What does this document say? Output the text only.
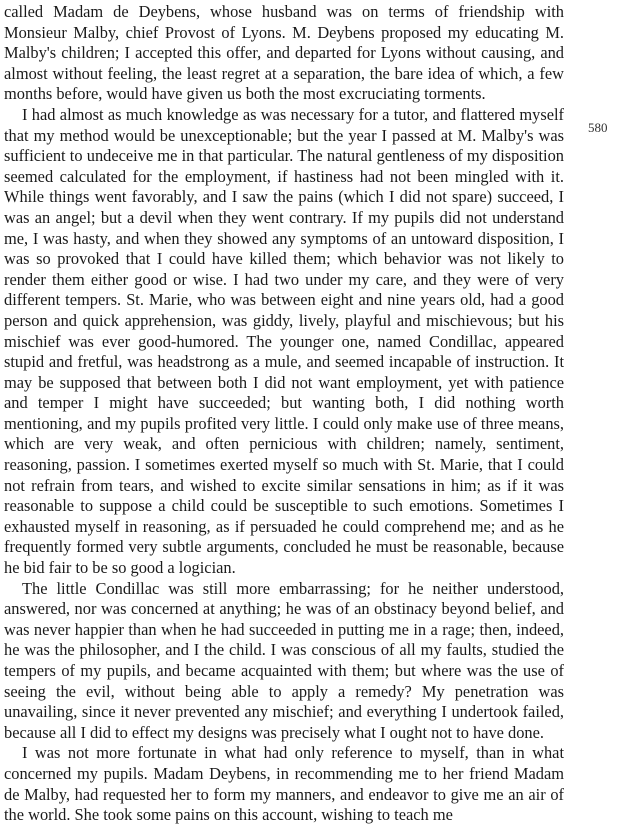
called Madam de Deybens, whose husband was on terms of friendship with Monsieur Malby, chief Provost of Lyons. M. Deybens proposed my educating M. Malby's children; I accepted this offer, and departed for Lyons without causing, and almost without feeling, the least regret at a separation, the bare idea of which, a few months before, would have given us both the most excruciating torments.

I had almost as much knowledge as was necessary for a tutor, and flattered myself that my method would be unexceptionable; but the year I passed at M. Malby's was sufficient to undeceive me in that particular. The natural gentleness of my disposition seemed calculated for the employment, if hastiness had not been mingled with it. While things went favorably, and I saw the pains (which I did not spare) succeed, I was an angel; but a devil when they went contrary. If my pupils did not understand me, I was hasty, and when they showed any symptoms of an untoward disposition, I was so provoked that I could have killed them; which behavior was not likely to render them either good or wise. I had two under my care, and they were of very different tempers. St. Marie, who was between eight and nine years old, had a good person and quick apprehension, was giddy, lively, playful and mischievous; but his mischief was ever good-humored. The younger one, named Condillac, appeared stupid and fretful, was headstrong as a mule, and seemed incapable of instruction. It may be supposed that between both I did not want employment, yet with patience and temper I might have succeeded; but wanting both, I did nothing worth mentioning, and my pupils profited very little. I could only make use of three means, which are very weak, and often pernicious with children; namely, sentiment, reasoning, passion. I sometimes exerted myself so much with St. Marie, that I could not refrain from tears, and wished to excite similar sensations in him; as if it was reasonable to suppose a child could be susceptible to such emotions. Sometimes I exhausted myself in reasoning, as if persuaded he could comprehend me; and as he frequently formed very subtle arguments, concluded he must be reasonable, because he bid fair to be so good a logician.

The little Condillac was still more embarrassing; for he neither understood, answered, nor was concerned at anything; he was of an obstinacy beyond belief, and was never happier than when he had succeeded in putting me in a rage; then, indeed, he was the philosopher, and I the child. I was conscious of all my faults, studied the tempers of my pupils, and became acquainted with them; but where was the use of seeing the evil, without being able to apply a remedy? My penetration was unavailing, since it never prevented any mischief; and everything I undertook failed, because all I did to effect my designs was precisely what I ought not to have done.

I was not more fortunate in what had only reference to myself, than in what concerned my pupils. Madam Deybens, in recommending me to her friend Madam de Malby, had requested her to form my manners, and endeavor to give me an air of the world. She took some pains on this account, wishing to teach me

580
